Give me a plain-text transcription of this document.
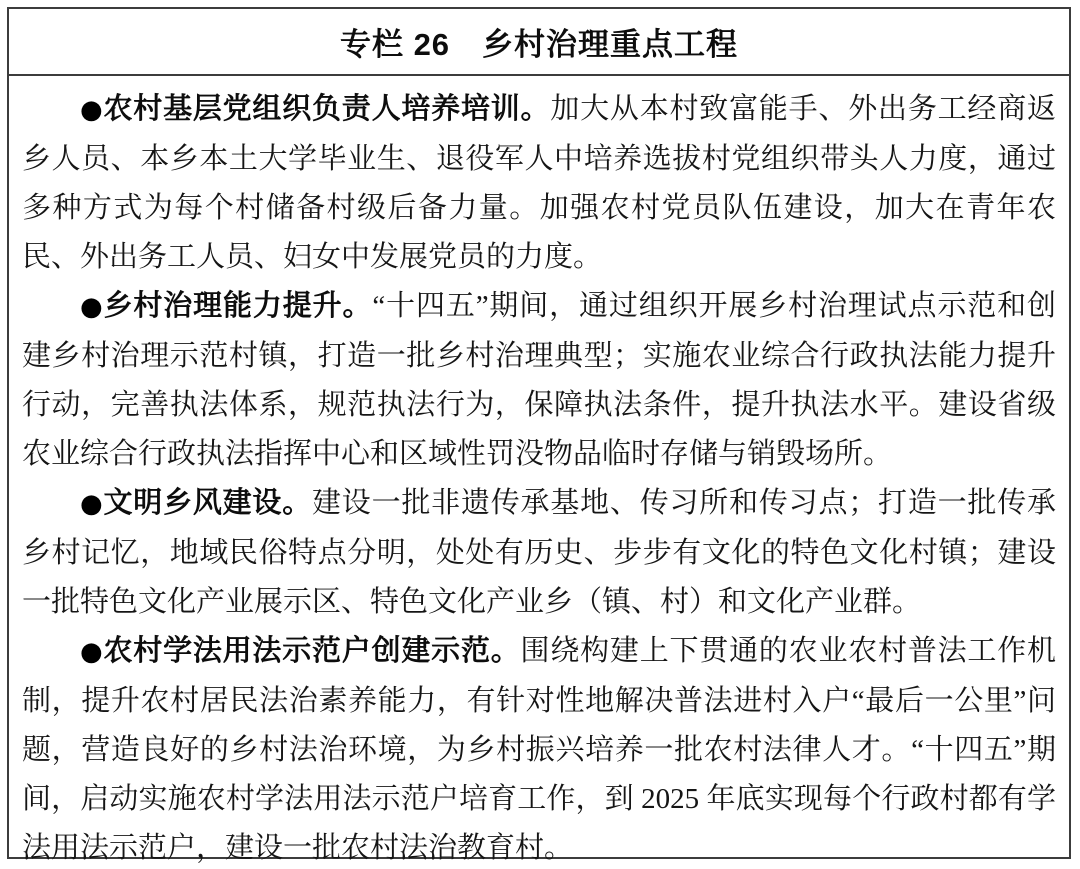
专栏 26　乡村治理重点工程

●农村基层党组织负责人培养培训。加大从本村致富能手、外出务工经商返乡人员、本乡本土大学毕业生、退役军人中培养选拔村党组织带头人力度，通过多种方式为每个村储备村级后备力量。加强农村党员队伍建设，加大在青年农民、外出务工人员、妇女中发展党员的力度。

●乡村治理能力提升。“十四五”期间，通过组织开展乡村治理试点示范和创建乡村治理示范村镇，打造一批乡村治理典型；实施农业综合行政执法能力提升行动，完善执法体系，规范执法行为，保障执法条件，提升执法水平。建设省级农业综合行政执法指挥中心和区域性罚没物品临时存储与销毁场所。

●文明乡风建设。建设一批非遗传承基地、传习所和传习点；打造一批传承乡村记忆，地域民俗特点分明，处处有历史、步步有文化的特色文化村镇；建设一批特色文化产业展示区、特色文化产业乡（镇、村）和文化产业群。

●农村学法用法示范户创建示范。围绕构建上下贯通的农业农村普法工作机制，提升农村居民法治素养能力，有针对性地解决普法进村入户“最后一公里”问题，营造良好的乡村法治环境，为乡村振兴培养一批农村法律人才。“十四五”期间，启动实施农村学法用法示范户培育工作，到 2025 年底实现每个行政村都有学法用法示范户，建设一批农村法治教育村。
